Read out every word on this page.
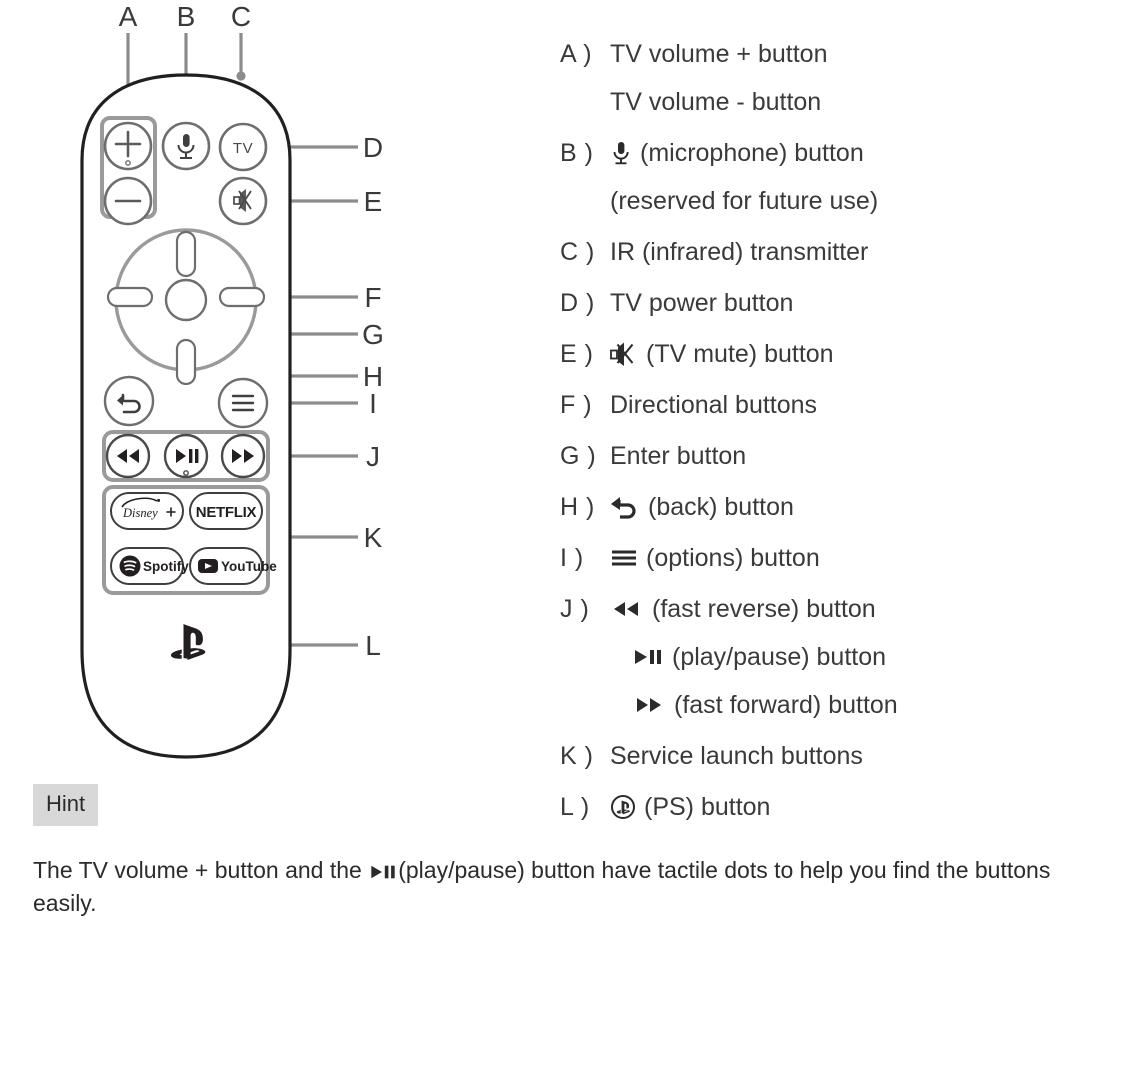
TV
Disney	NETFLIX
Spotify YouTube
A B C
D
E
F
G
H
I
J
K
L
A ) TV volume + button
TV volume - button
B )	(microphone) button
(reserved for future use)
C ) IR (infrared) transmitter
D ) TV power button
E )	(TV mute) button
F ) Directional buttons
G ) Enter button
H )	(back) button
I )	(options) button
J )	(fast reverse) button
(play/pause) button
(fast forward) button
K ) Service launch buttons
L )	(PS) button
Hint
The TV volume + button and the (play/pause) button have tactile dots to help you find the buttons easily.
